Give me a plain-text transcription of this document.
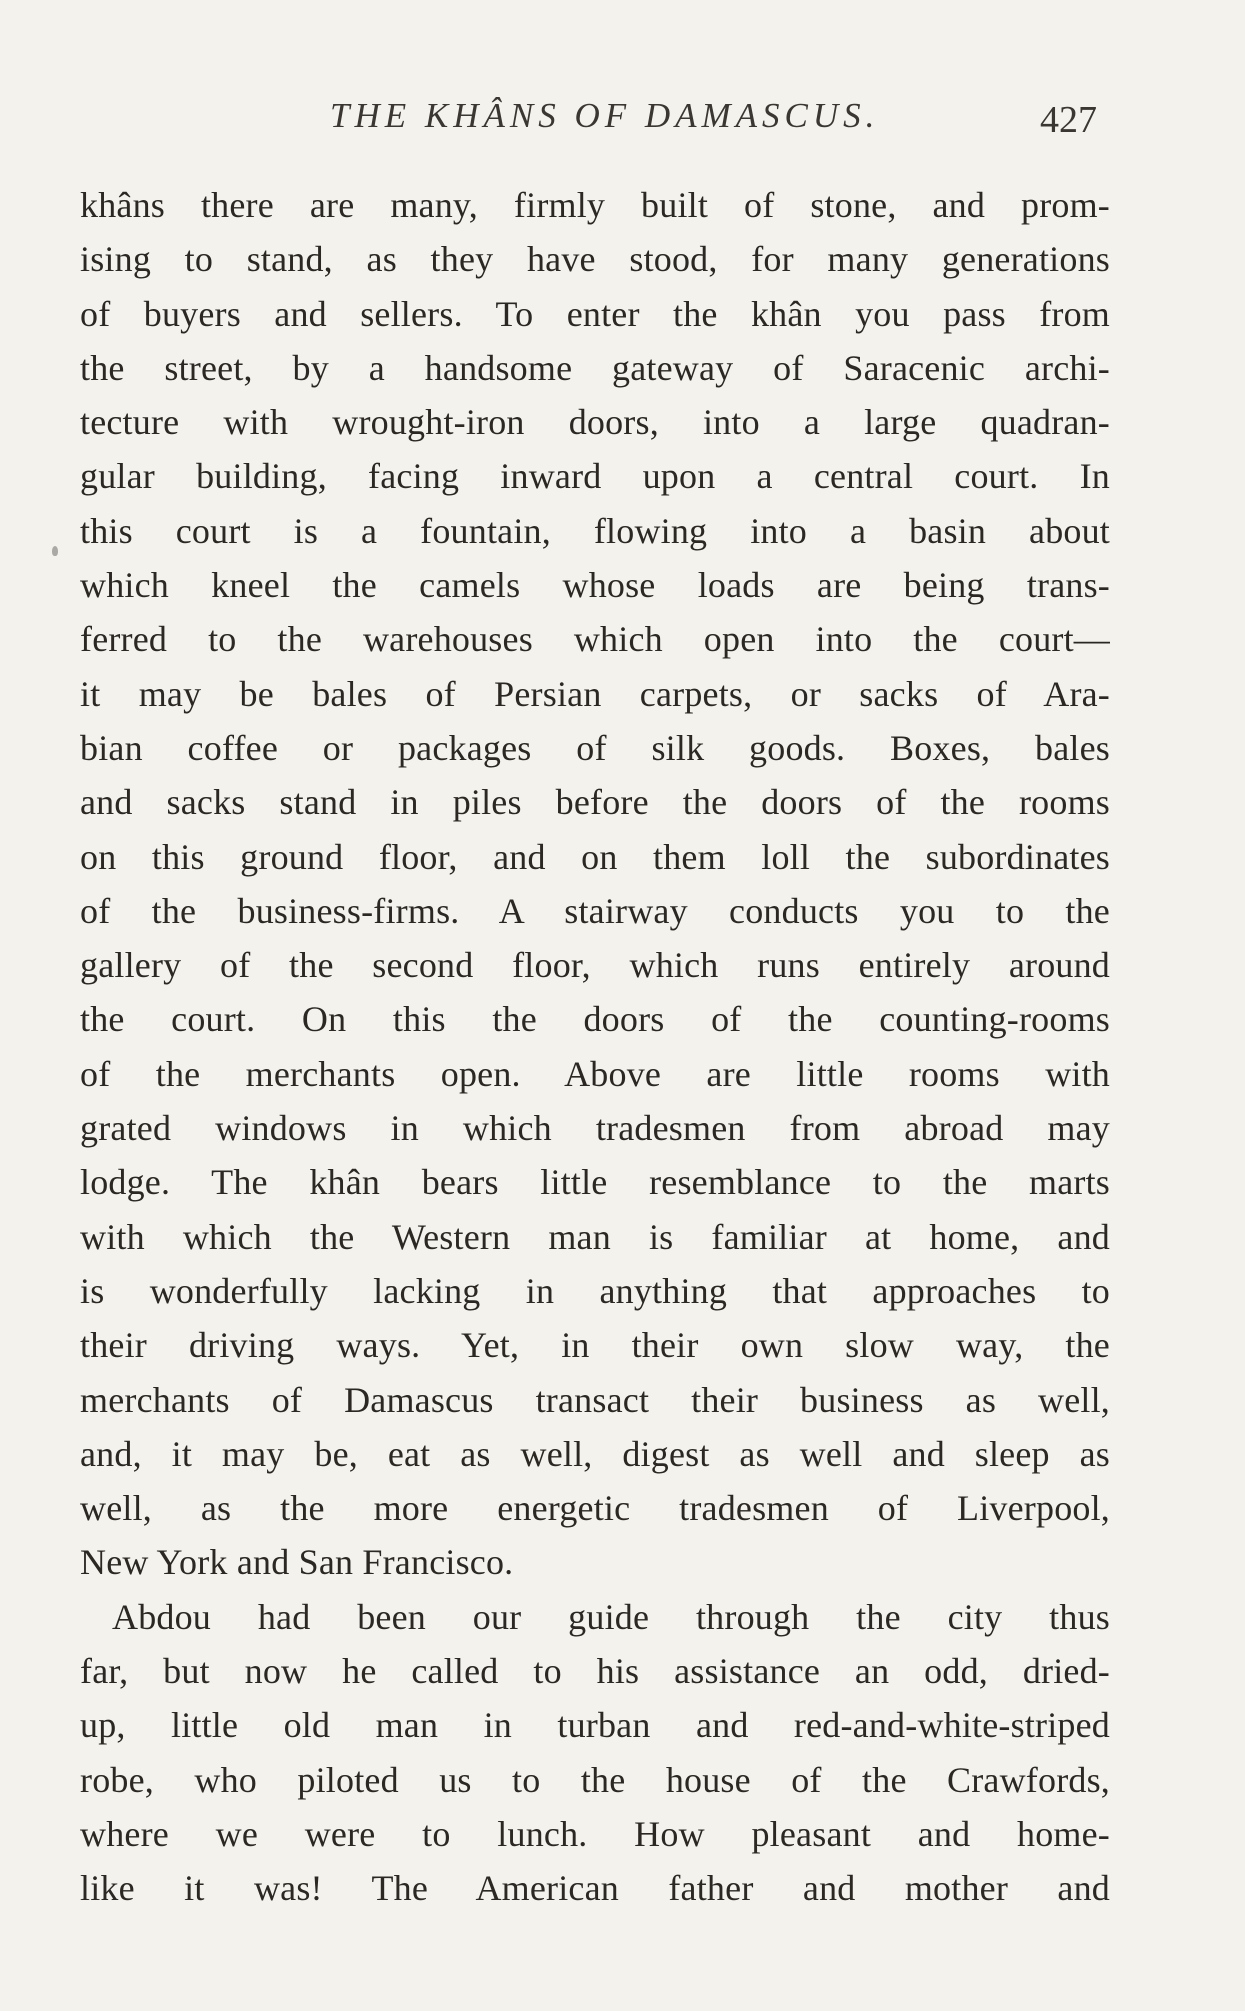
THE KHÂNS OF DAMASCUS.	427
khâns there are many, firmly built of stone, and prom-
ising to stand, as they have stood, for many generations
of buyers and sellers. To enter the khân you pass from
the street, by a handsome gateway of Saracenic archi-
tecture with wrought-iron doors, into a large quadran-
gular building, facing inward upon a central court. In
this court is a fountain, flowing into a basin about
which kneel the camels whose loads are being trans-
ferred to the warehouses which open into the court—
it may be bales of Persian carpets, or sacks of Ara-
bian coffee or packages of silk goods. Boxes, bales
and sacks stand in piles before the doors of the rooms
on this ground floor, and on them loll the subordinates
of the business-firms. A stairway conducts you to the
gallery of the second floor, which runs entirely around
the court. On this the doors of the counting-rooms
of the merchants open. Above are little rooms with
grated windows in which tradesmen from abroad may
lodge. The khân bears little resemblance to the marts
with which the Western man is familiar at home, and
is wonderfully lacking in anything that approaches to
their driving ways. Yet, in their own slow way, the
merchants of Damascus transact their business as well,
and, it may be, eat as well, digest as well and sleep as
well, as the more energetic tradesmen of Liverpool,
New York and San Francisco.
Abdou had been our guide through the city thus
far, but now he called to his assistance an odd, dried-
up, little old man in turban and red-and-white-striped
robe, who piloted us to the house of the Crawfords,
where we were to lunch. How pleasant and home-
like it was! The American father and mother and
